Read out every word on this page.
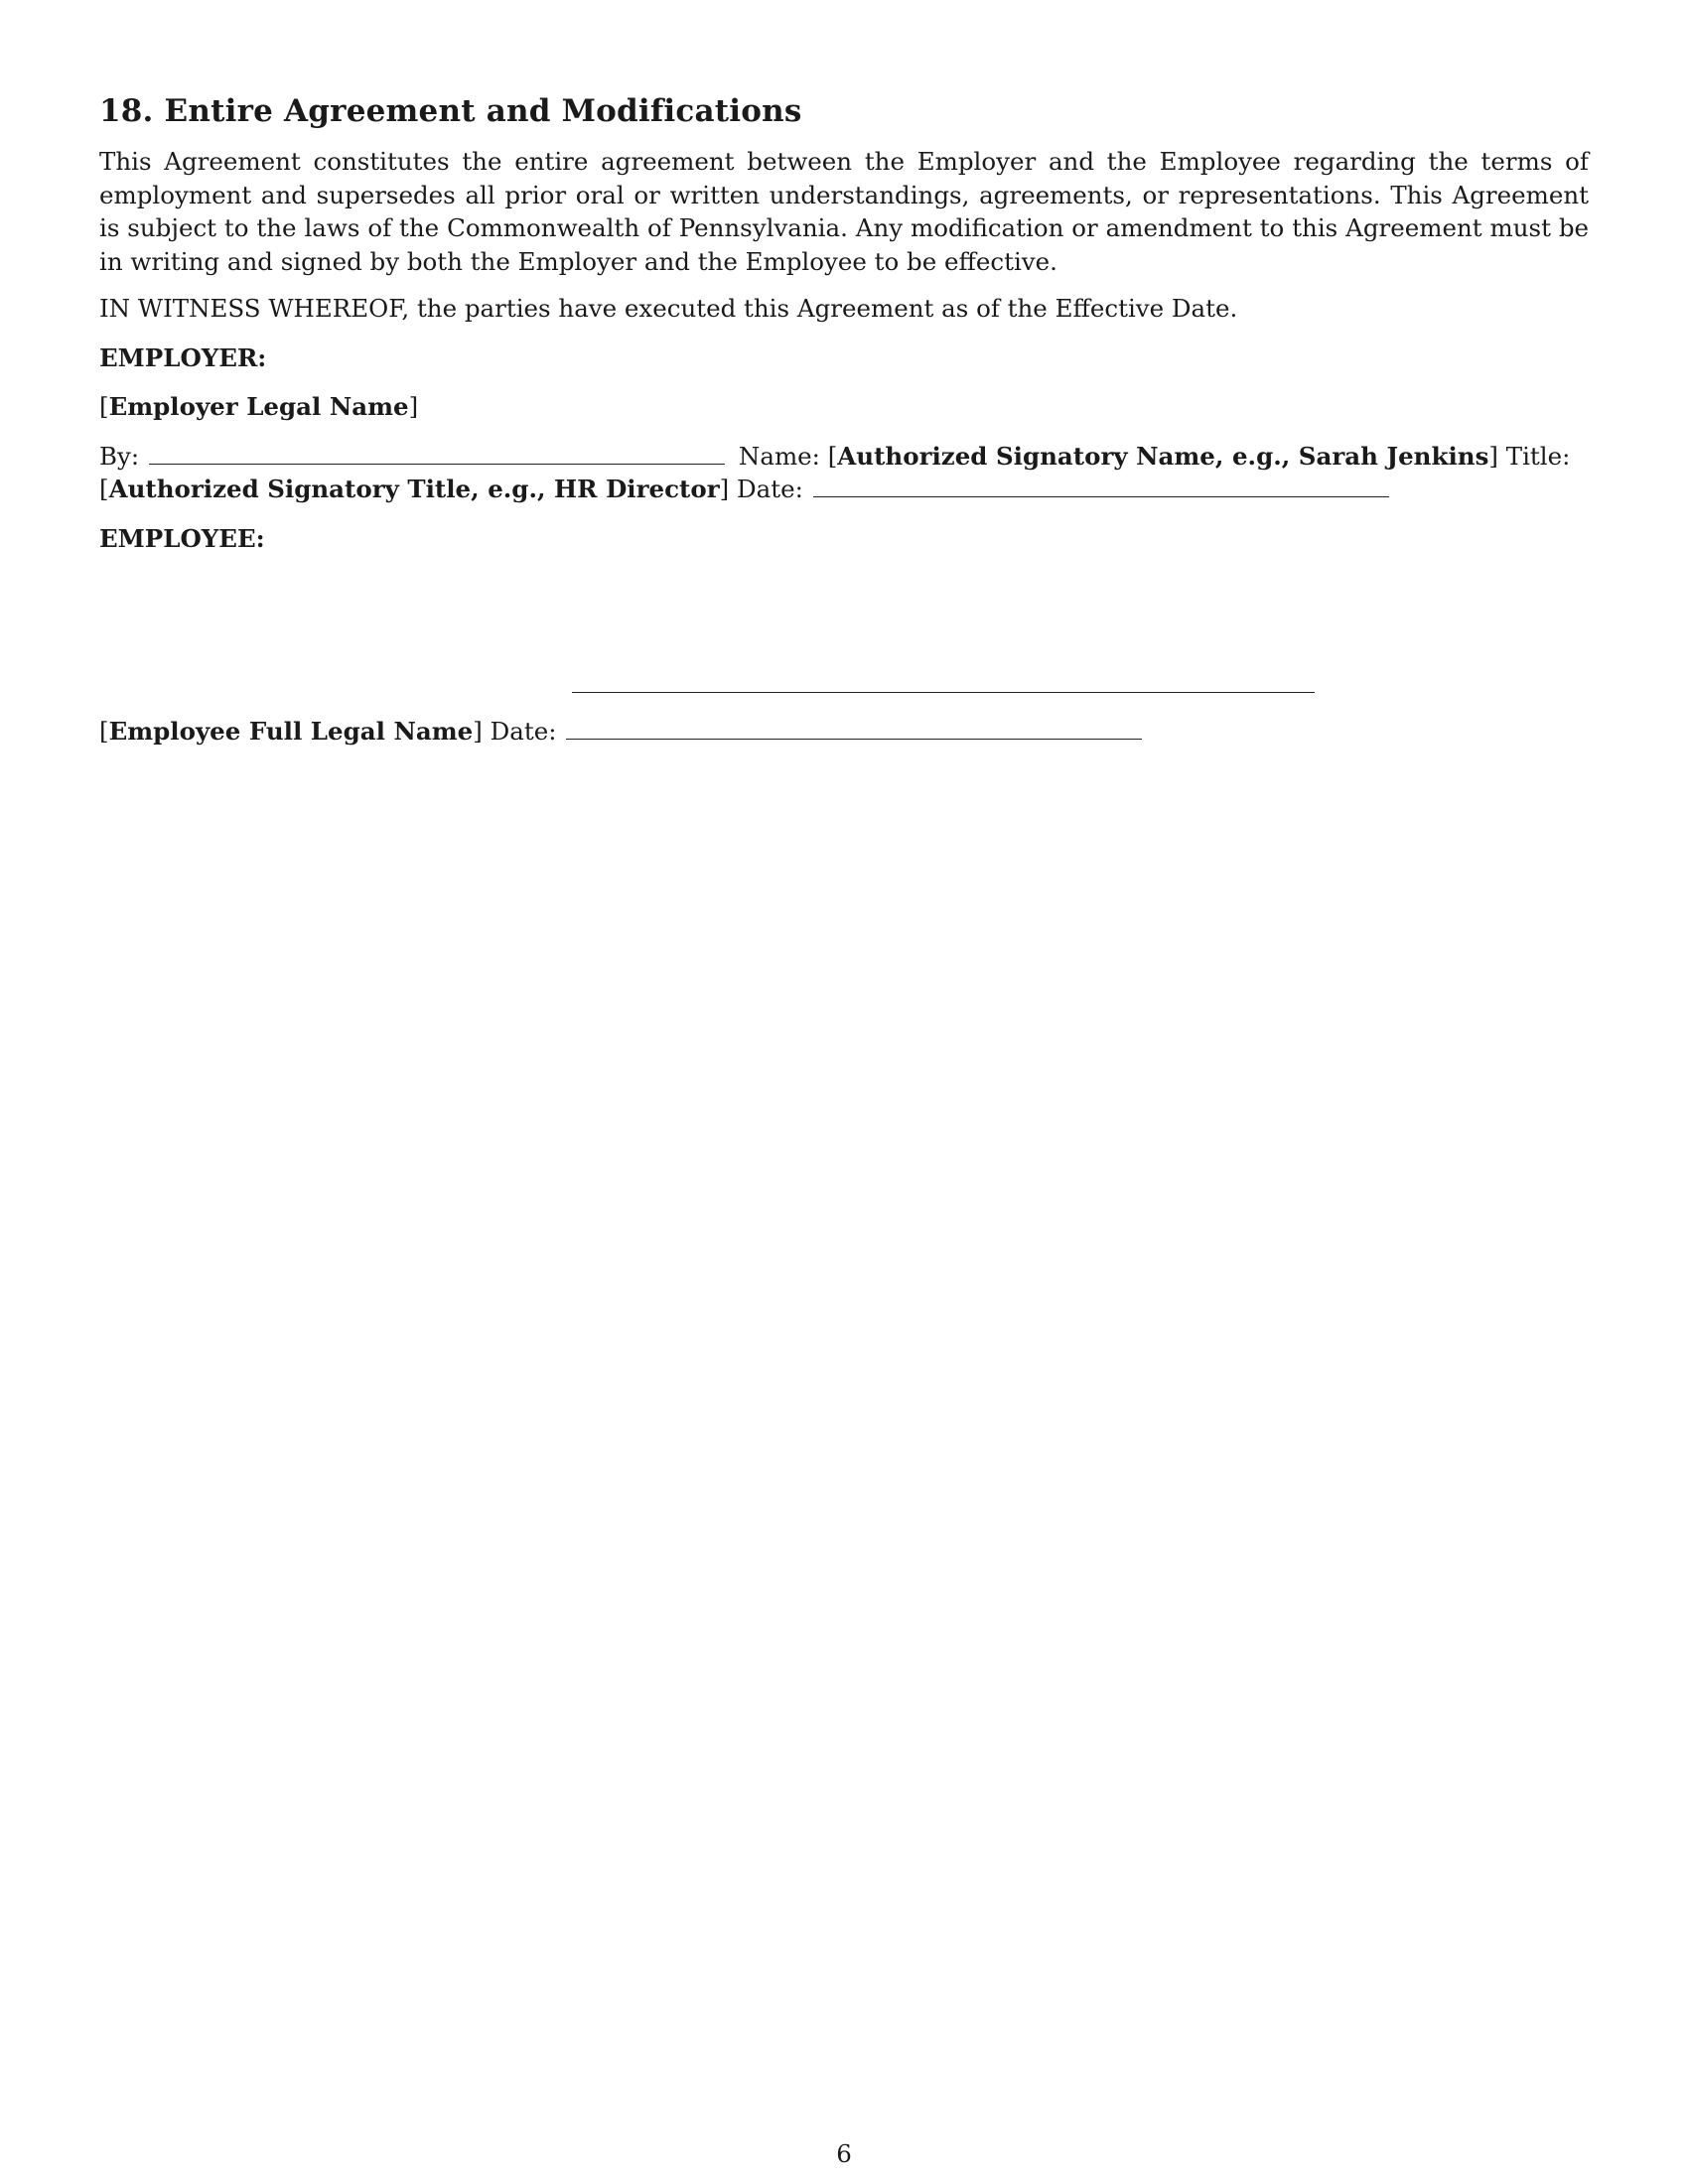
18. Entire Agreement and Modifications

This Agreement constitutes the entire agreement between the Employer and the Employee regarding the terms of employment and supersedes all prior oral or written understandings, agreements, or representations. This Agreement is subject to the laws of the Commonwealth of Pennsylvania. Any modification or amendment to this Agreement must be in writing and signed by both the Employer and the Employee to be effective.

IN WITNESS WHEREOF, the parties have executed this Agreement as of the Effective Date.

EMPLOYER:
[Employer Legal Name]
By:	Name: [Authorized Signatory Name, e.g., Sarah Jenkins] Title:
[Authorized Signatory Title, e.g., HR Director] Date:
EMPLOYEE:
[Employee Full Legal Name] Date:
6
